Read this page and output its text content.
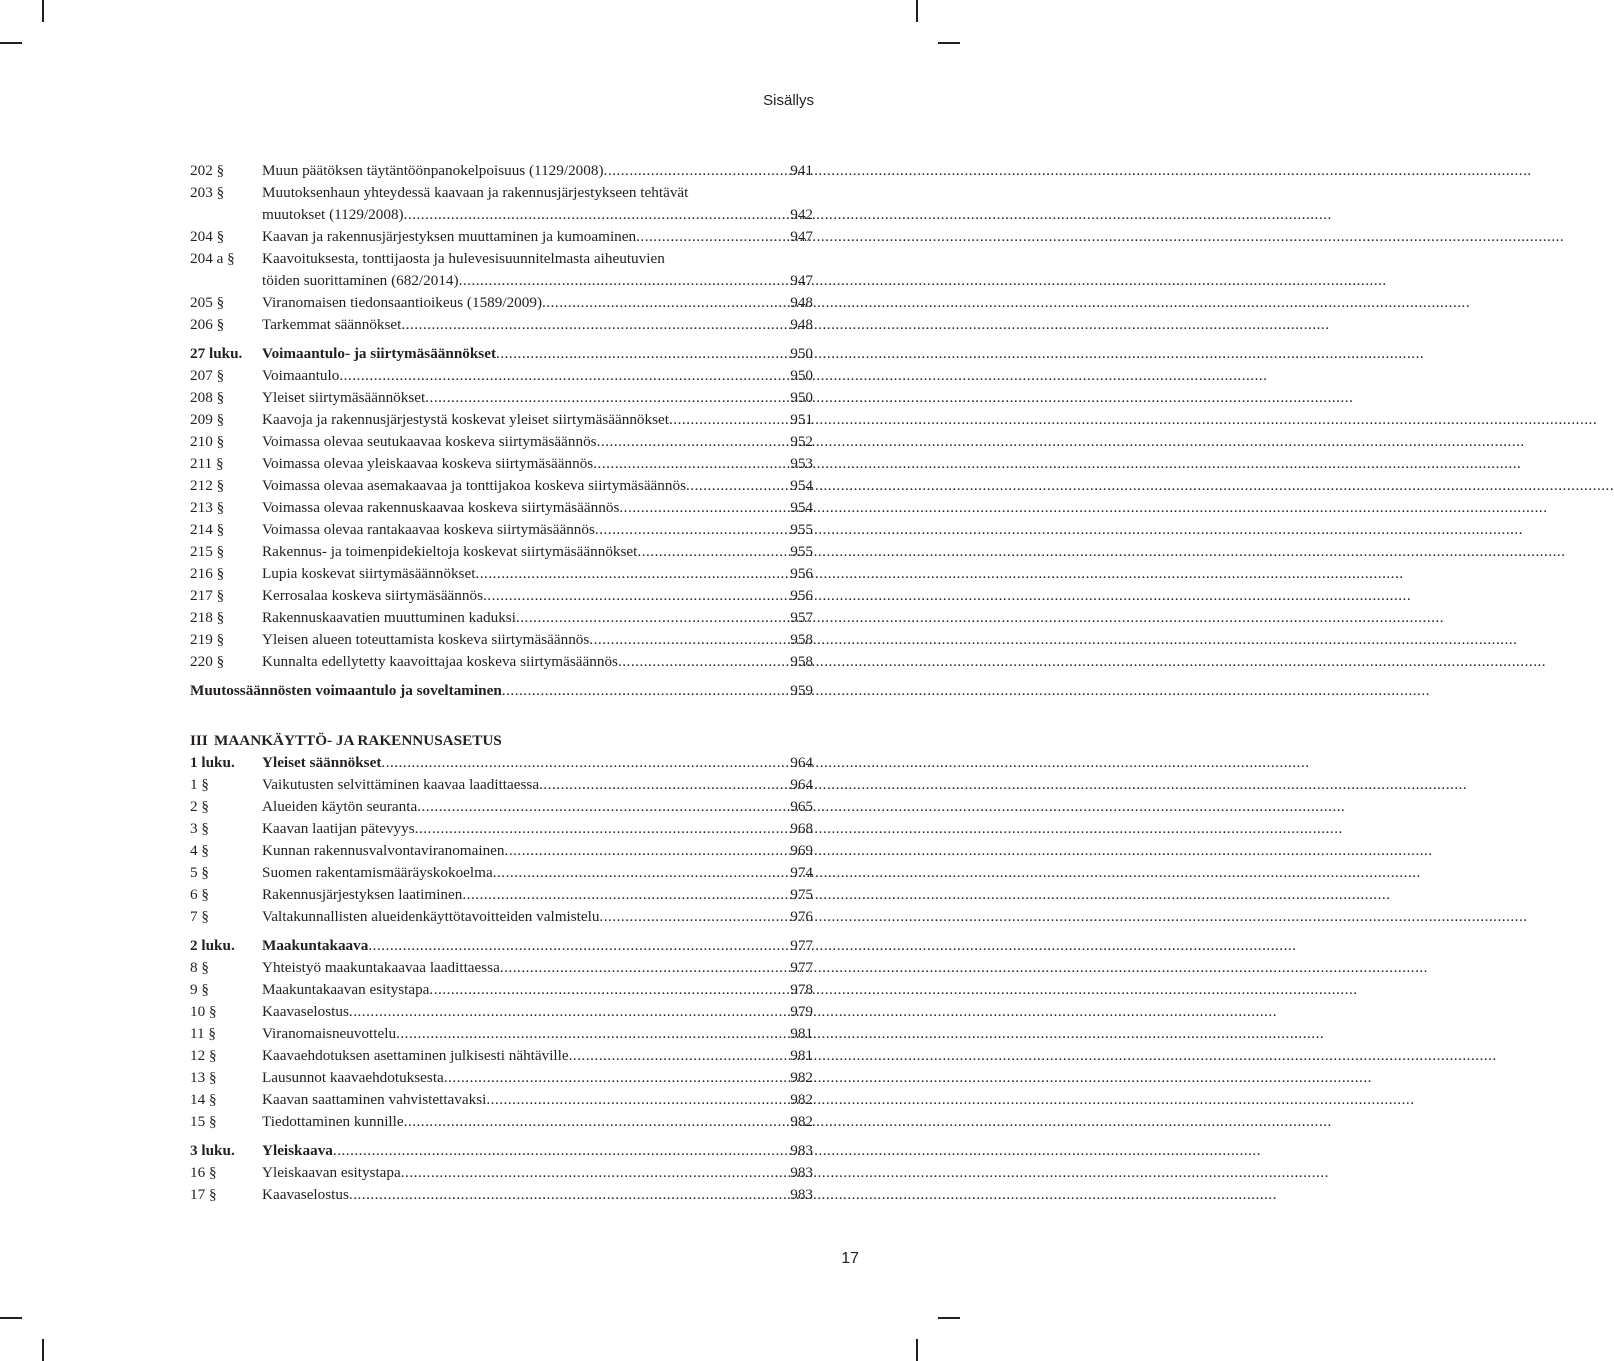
Sisällys
202 §	Muun päätöksen täytäntöönpanokelpoisuus (1129/2008) .....	941
203 §	Muutoksenhaun yhteydessä kaavaan ja rakennusjärjestykseen tehtävät
muutokset (1129/2008) .....	942
204 §	Kaavan ja rakennusjärjestyksen muuttaminen ja kumoaminen .....	947
204 a §	Kaavoituksesta, tonttijaosta ja hulevesisuunnitelmasta aiheutuvien
töiden suorittaminen (682/2014) .....	947
205 §	Viranomaisen tiedonsaantioikeus (1589/2009) .....	948
206 §	Tarkemmat säännökset .....	948
27 luku.	Voimaantulo- ja siirtymäsäännökset .....	950
207 §	Voimaantulo .....	950
208 §	Yleiset siirtymäsäännökset .....	950
209 §	Kaavoja ja rakennusjärjestystä koskevat yleiset siirtymäsäännökset .....	951
210 §	Voimassa olevaa seutukaavaa koskeva siirtymäsäännös .....	952
211 §	Voimassa olevaa yleiskaavaa koskeva siirtymäsäännös .....	953
212 §	Voimassa olevaa asemakaavaa ja tonttijakoa koskeva siirtymäsäännös .....	954
213 §	Voimassa olevaa rakennuskaavaa koskeva siirtymäsäännös .....	954
214 §	Voimassa olevaa rantakaavaa koskeva siirtymäsäännös .....	955
215 §	Rakennus- ja toimenpidekieltoja koskevat siirtymäsäännökset .....	955
216 §	Lupia koskevat siirtymäsäännökset .....	956
217 §	Kerrosalaa koskeva siirtymäsäännös .....	956
218 §	Rakennuskaavatien muuttuminen kaduksi .....	957
219 §	Yleisen alueen toteuttamista koskeva siirtymäsäännös .....	958
220 §	Kunnalta edellytetty kaavoittajaa koskeva siirtymäsäännös .....	958
Muutossäännösten voimaantulo ja soveltaminen .....	959
III MAANKÄYTTÖ- JA RAKENNUSASETUS
1 luku.	Yleiset säännökset .....	964
1 §	Vaikutusten selvittäminen kaavaa laadittaessa .....	964
2 §	Alueiden käytön seuranta .....	965
3 §	Kaavan laatijan pätevyys .....	968
4 §	Kunnan rakennusvalvontaviranomainen .....	969
5 §	Suomen rakentamismääräyskokoelma .....	974
6 §	Rakennusjärjestyksen laatiminen .....	975
7 §	Valtakunnallisten alueidenkäyttötavoitteiden valmistelu .....	976
2 luku.	Maakuntakaava .....	977
8 §	Yhteistyö maakuntakaavaa laadittaessa .....	977
9 §	Maakuntakaavan esitystapa .....	978
10 §	Kaavaselostus .....	979
11 §	Viranomaisneuvottelu .....	981
12 §	Kaavaehdotuksen asettaminen julkisesti nähtäville .....	981
13 §	Lausunnot kaavaehdotuksesta .....	982
14 §	Kaavan saattaminen vahvistettavaksi .....	982
15 §	Tiedottaminen kunnille .....	982
3 luku.	Yleiskaava .....	983
16 §	Yleiskaavan esitystapa .....	983
17 §	Kaavaselostus .....	983
17
